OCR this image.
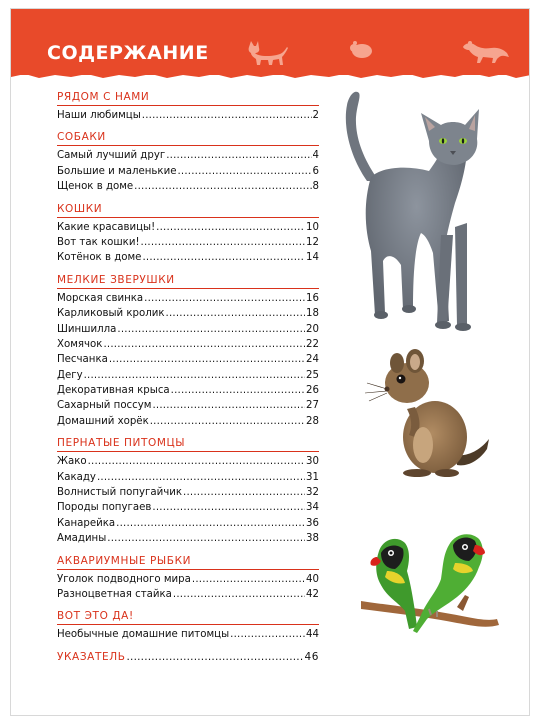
СОДЕРЖАНИЕ
РЯДОМ С НАМИ
Наши любимцы .....	2
СОБАКИ
Самый лучший друг .....	4
Большие и маленькие .....	6
Щенок в доме .....	8
КОШКИ
Какие красавицы! .....	10
Вот так кошки! .....	12
Котёнок в доме .....	14
МЕЛКИЕ ЗВЕРУШКИ
Морская свинка .....	16
Карликовый кролик .....	18
Шиншилла .....	20
Хомячок .....	22
Песчанка .....	24
Дегу .....	25
Декоративная крыса .....	26
Сахарный поссум .....	27
Домашний хорёк .....	28
ПЕРНАТЫЕ ПИТОМЦЫ
Жако .....	30
Какаду .....	31
Волнистый попугайчик .....	32
Породы попугаев .....	34
Канарейка .....	36
Амадины .....	38
АКВАРИУМНЫЕ РЫБКИ
Уголок подводного мира .....	40
Разноцветная стайка .....	42
ВОТ ЭТО ДА!
Необычные домашние питомцы .....	44
УКАЗАТЕЛЬ .....	46
